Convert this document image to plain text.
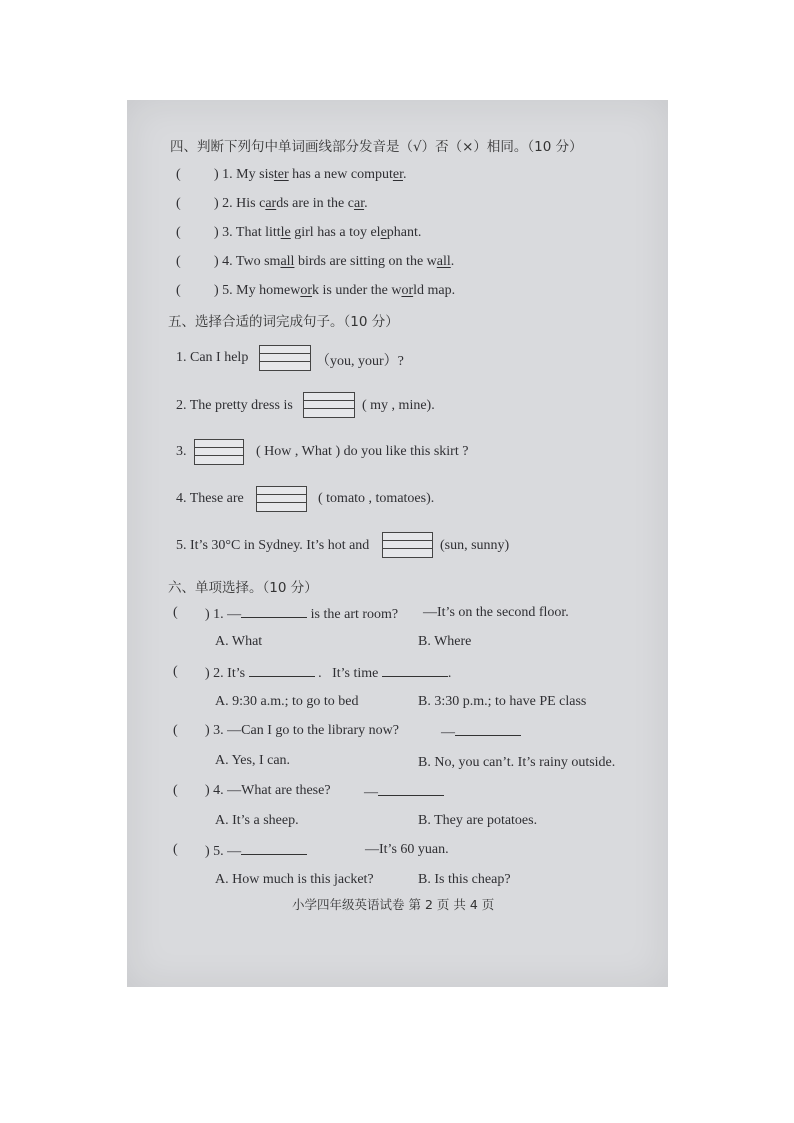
四、判断下列句中单词画线部分发音是（√）否（×）相同。（10 分）
( ) 1. My sister has a new computer.
( ) 2. His cards are in the car.
( ) 3. That little girl has a toy elephant.
( ) 4. Two small birds are sitting on the wall.
( ) 5. My homework is under the world map.
五、选择合适的词完成句子。（10 分）
1. Can I help	（you, your）?
2. The pretty dress is	( my , mine).
3.	( How , What ) do you like this skirt ?
4. These are	( tomato , tomatoes).
5. It’s 30°C in Sydney. It’s hot and	(sun, sunny)
六、单项选择。（10 分）
( ) 1. —	is the art room? —It’s on the second floor.
A. What	B. Where
( ) 2. It’s	. It’s time	.
A. 9:30 a.m.; to go to bed	B. 3:30 p.m.; to have PE class
( ) 3. —Can I go to the library now?	—
A. Yes, I can.	B. No, you can’t. It’s rainy outside.
( ) 4. —What are these? —
A. It’s a sheep.	B. They are potatoes.
( ) 5. —	—It’s 60 yuan.
A. How much is this jacket?	B. Is this cheap?
小学四年级英语试卷 第 2 页 共 4 页
